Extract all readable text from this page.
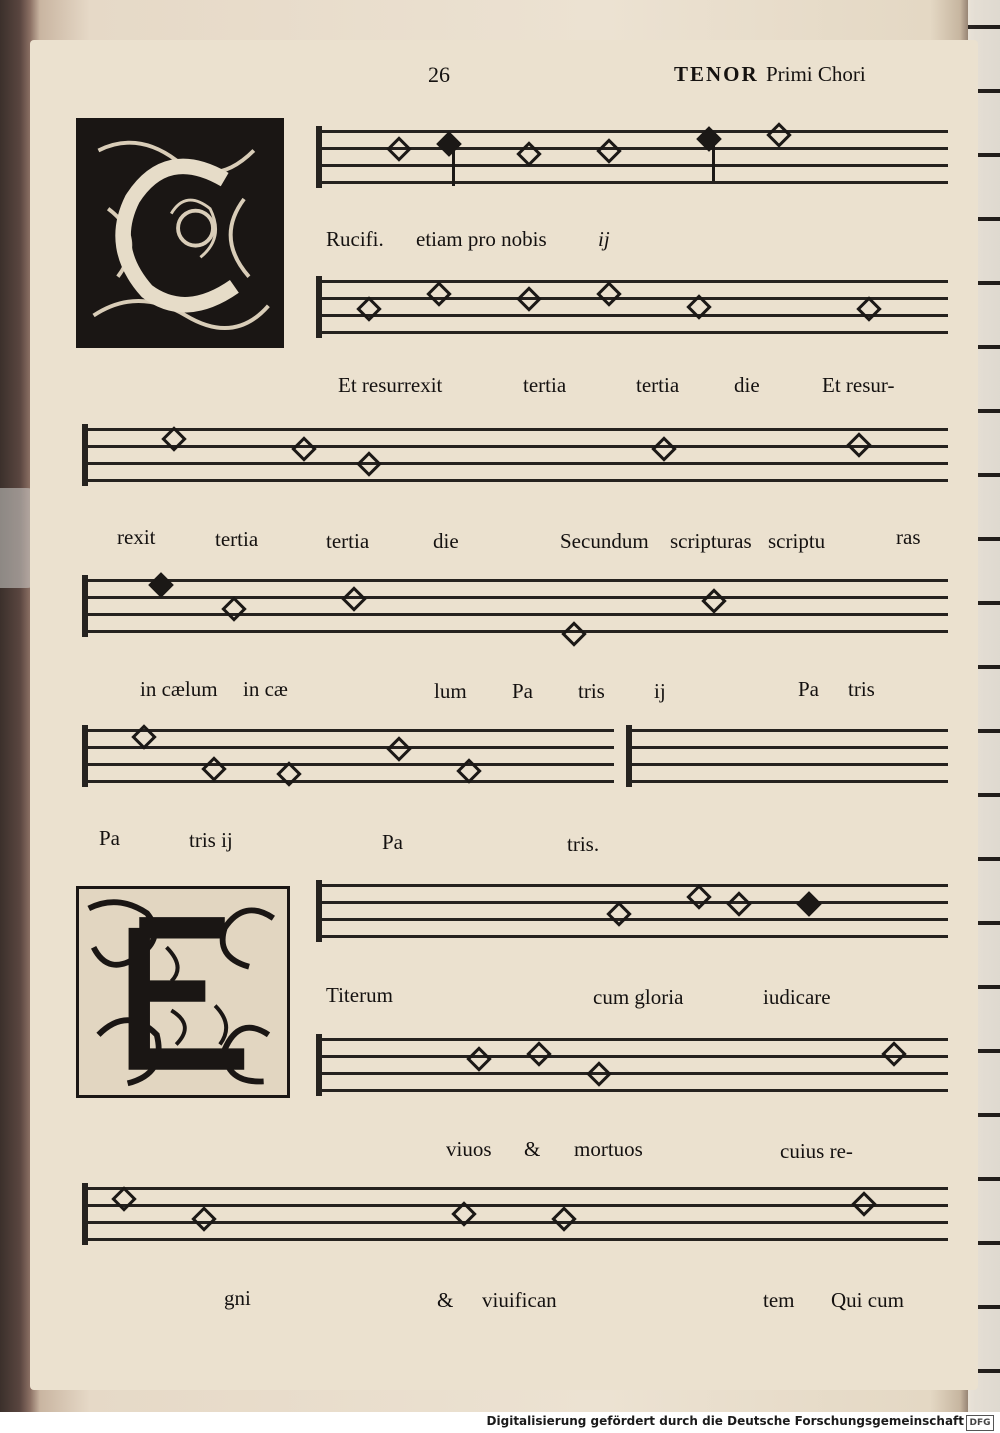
26	TENOR Primi Chori
Rucifi. etiam pro nobis ij
Et resurrexit	tertia	tertia	die	Et resur-
rexit	tertia	tertia	die	Secundum scripturas scriptu	ras
in cælum in cæ	lum Pa tris ij	Pa tris
Pa	tris ij	Pa	tris.
Titerum	cum gloria	iudicare
viuos & mortuos	cuius re-
gni	& viuifican	tem Qui cum
Digitalisierung gefördert durch die Deutsche Forschungsgemeinschaft DFG
